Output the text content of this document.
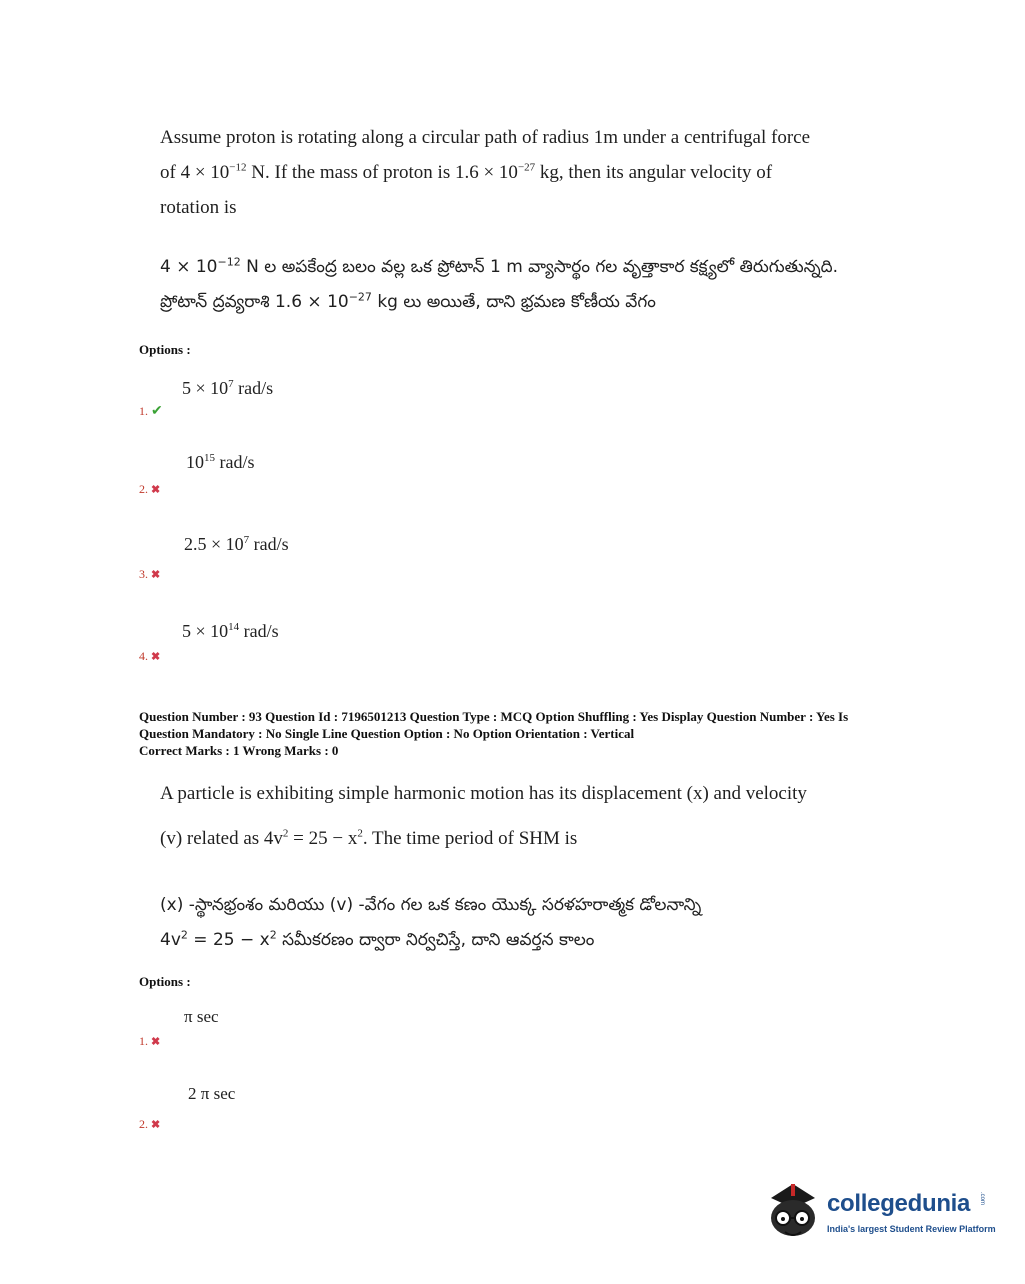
Assume proton is rotating along a circular path of radius 1m under a centrifugal force
of $4 \times 10^{-12}$ N. If the mass of proton is $1.6 \times 10^{-27}$ kg, then its angular velocity of
rotation is
$4 \times 10^{-12}$ N ల అపకేంద్ర బలం వల్ల ఒక ప్రోటాన్ 1 m వ్యాసార్థం గల వృత్తాకార కక్ష్యలో తిరుగుతున్నది.
ప్రోటాన్ ద్రవ్యరాశి $1.6 \times 10^{-27}$ kg లు అయితే, దాని భ్రమణ కోణీయ వేగం
Options :
$5 \times 10^7$ rad/s
1. ✔
$10^{15}$ rad/s
2. ✖
$2.5 \times 10^7$ rad/s
3. ✖
$5 \times 10^{14}$ rad/s
4. ✖
Question Number : 93 Question Id : 7196501213 Question Type : MCQ Option Shuffling : Yes Display Question Number : Yes Is
Question Mandatory : No Single Line Question Option : No Option Orientation : Vertical
Correct Marks : 1 Wrong Marks : 0
A particle is exhibiting simple harmonic motion has its displacement (x) and velocity
(v) related as $4v^2 = 25 - x^2$. The time period of SHM is
(x) -స్థానభ్రంశం మరియు (v) -వేగం గల ఒక కణం యొక్క సరళహరాత్మక డోలనాన్ని
$4v^2 = 25 - x^2$ సమీకరణం ద్వారా నిర్వచిస్తే, దాని ఆవర్తన కాలం
Options :
π sec
1. ✖
2 π sec
2. ✖
collegedunia .com
India's largest Student Review Platform
